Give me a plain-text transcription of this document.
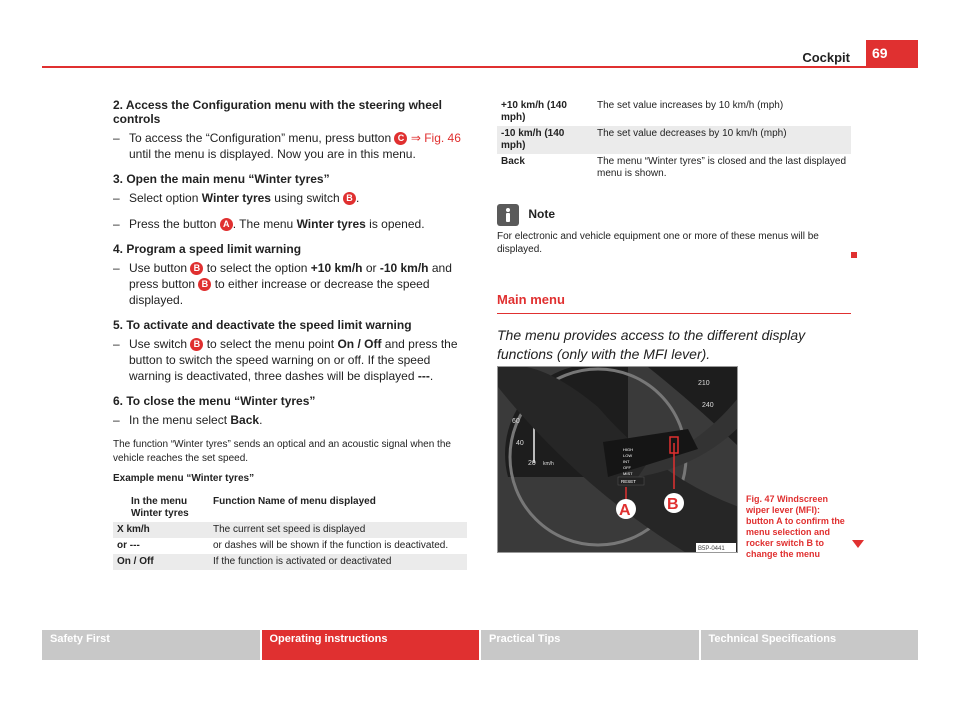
Cockpit	69
2. Access the Configuration menu with the steering wheel controls
– To access the “Configuration” menu, press button C ⇒ Fig. 46 until the menu is displayed. Now you are in this menu.
3. Open the main menu “Winter tyres”
– Select option Winter tyres using switch B .
– Press the button A . The menu Winter tyres is opened.
4. Program a speed limit warning
– Use button B to select the option +10 km/h or -10 km/h and press button B to either increase or decrease the speed displayed.
5. To activate and deactivate the speed limit warning
– Use switch B to select the menu point On / Off and press the button to switch the speed warning on or off. If the speed warning is deactivated, three dashes will be displayed ---.
6. To close the menu “Winter tyres”
– In the menu select Back.
The function “Winter tyres” sends an optical and an acoustic signal when the vehicle reaches the set speed.
Example menu “Winter tyres”
In the menu Winter tyres	Function Name of menu displayed
X km/h	The current set speed is displayed
or ---	or dashes will be shown if the function is deactivated.
On / Off	If the function is activated or deactivated
+10 km/h (140 mph)	The set value increases by 10 km/h (mph)
-10 km/h (140 mph)	The set value decreases by 10 km/h (mph)
Back	The menu “Winter tyres” is closed and the last displayed menu is shown.
Note
For electronic and vehicle equipment one or more of these menus will be displayed.
Main menu
The menu provides access to the different display functions (only with the MFI lever).
60
40
20 km/h
210
240
HIGH
LOW
INT
OFF
MIST
RESET
A B
B5P-0441
Fig. 47 Windscreen wiper lever (MFI): button A to confirm the menu selection and rocker switch B to change the menu
Safety First	Operating instructions	Practical Tips	Technical Specifications
